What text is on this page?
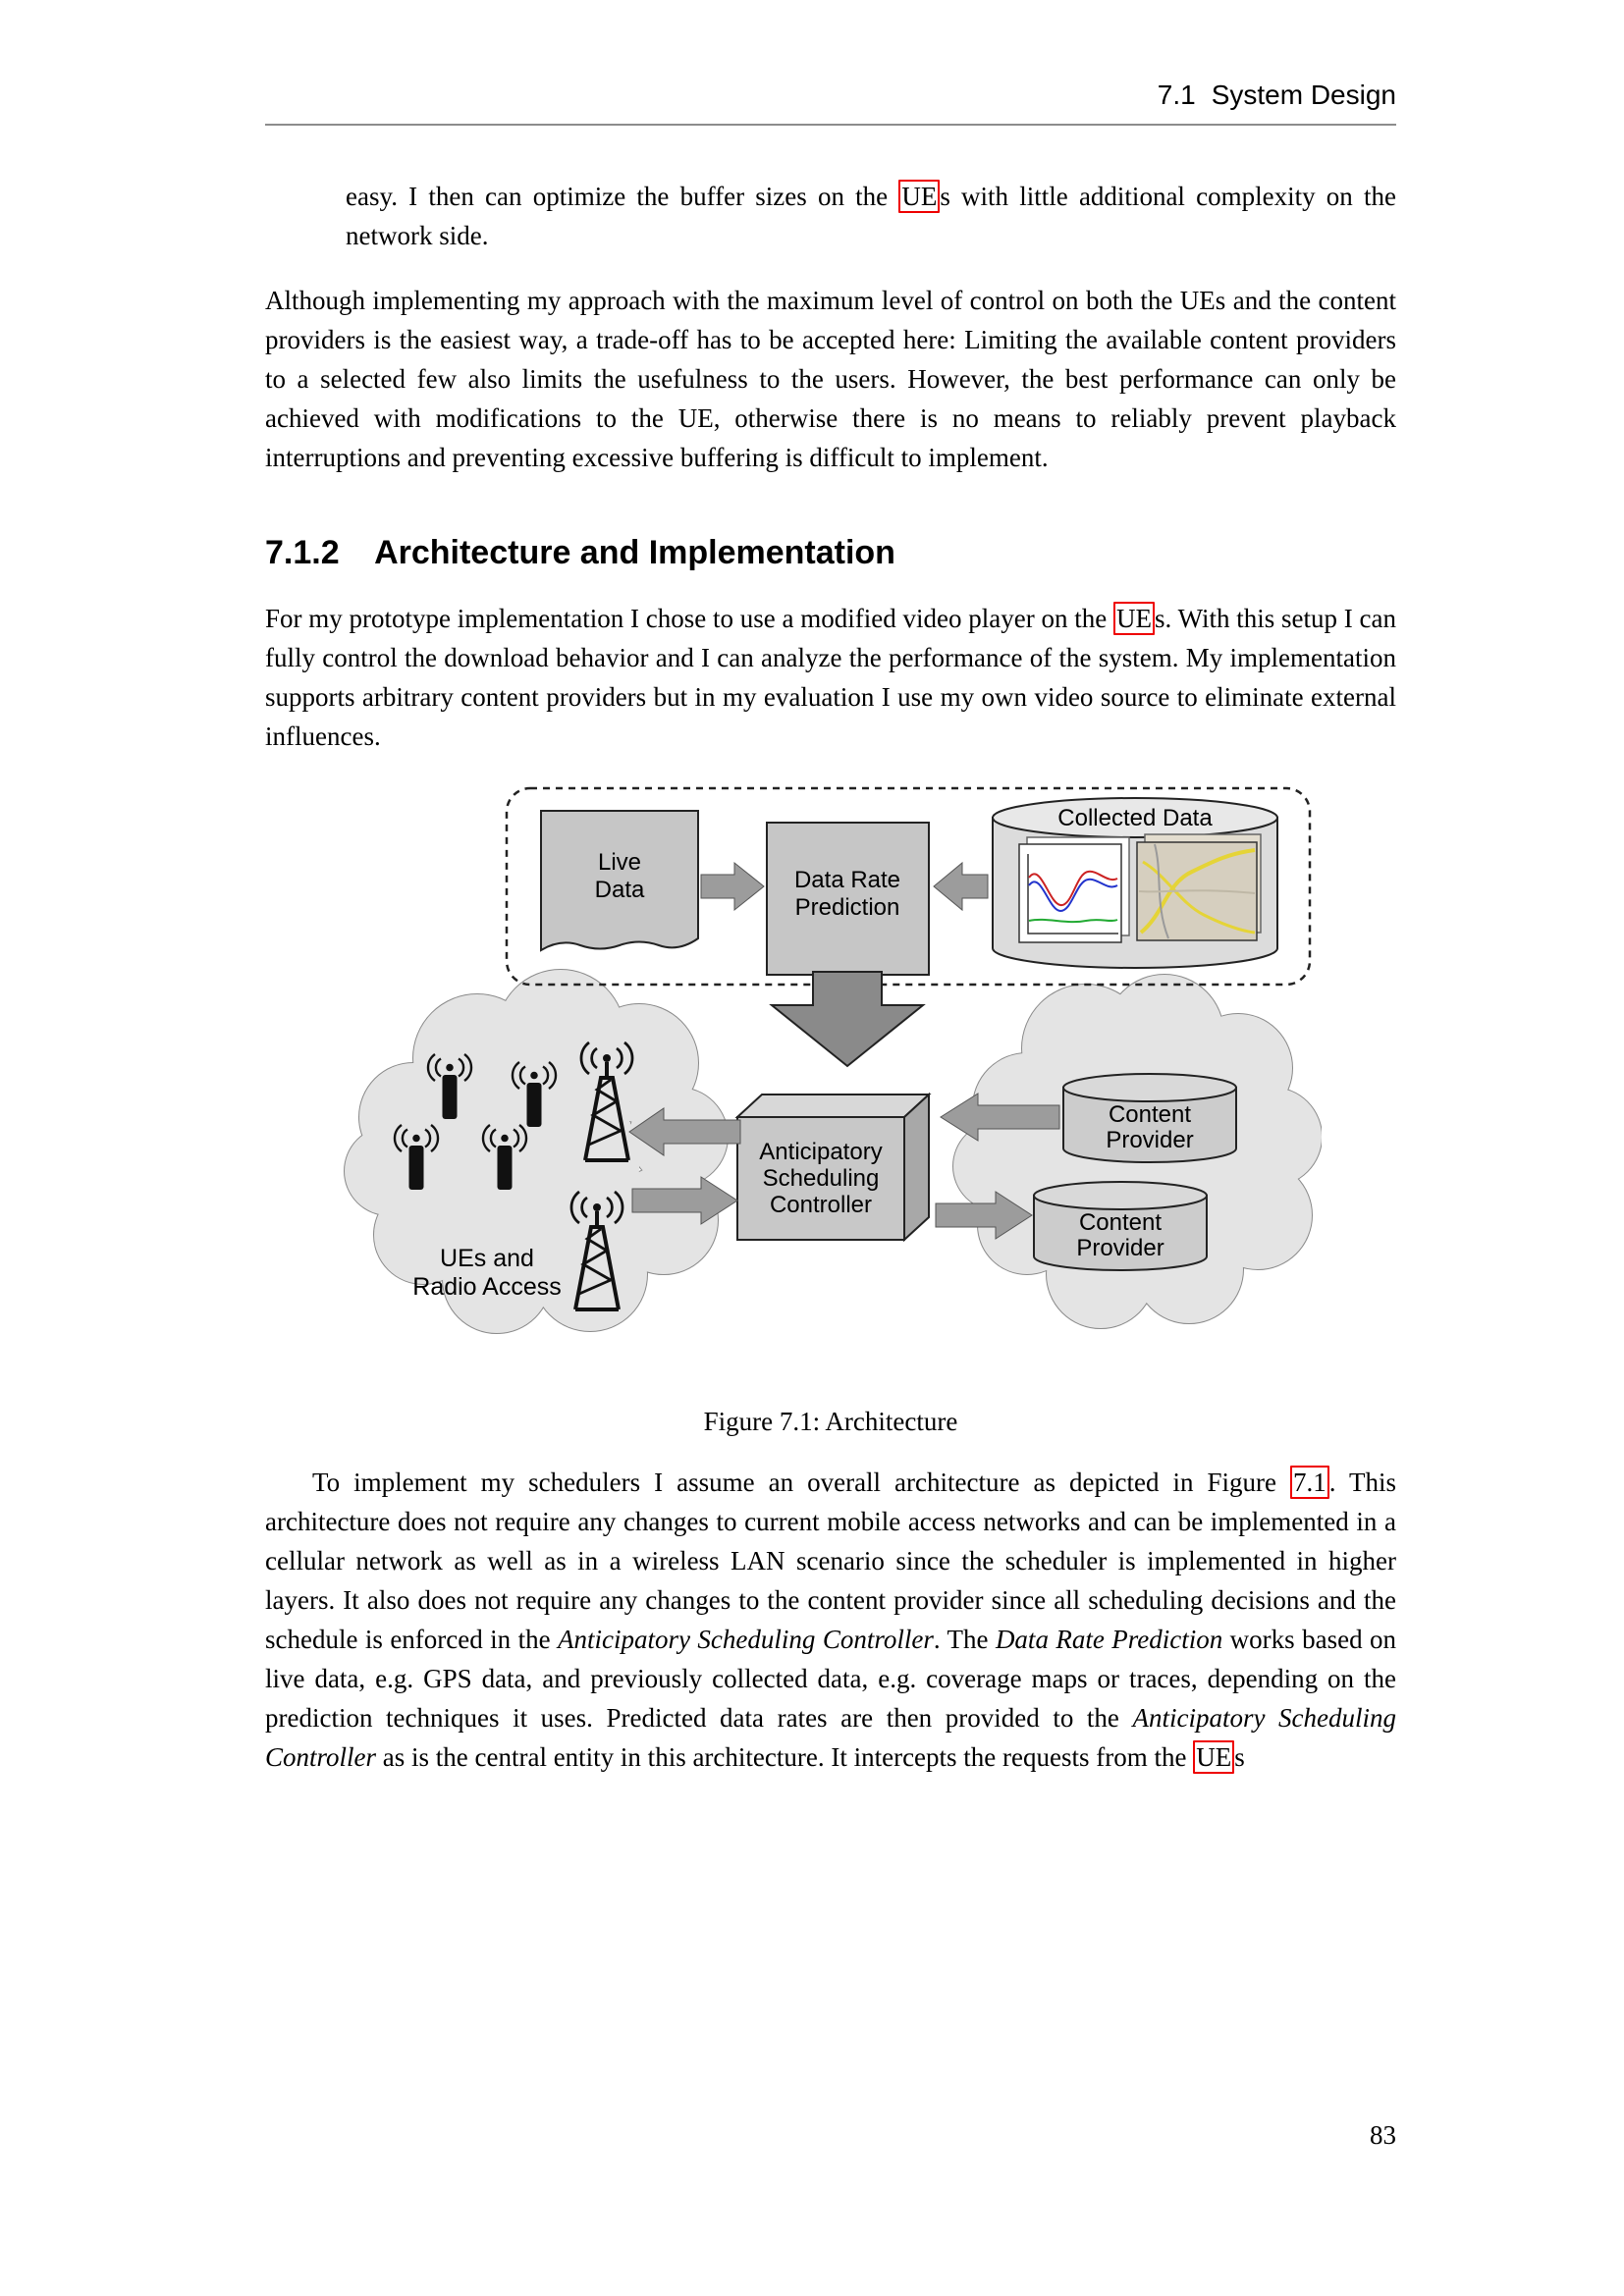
7.1 System Design

easy. I then can optimize the buffer sizes on the UE s with little additional complexity on the network side.

Although implementing my approach with the maximum level of control on both the UEs and the content providers is the easiest way, a trade-off has to be accepted here: Limiting the available content providers to a selected few also limits the usefulness to the users. However, the best performance can only be achieved with modifications to the UE, otherwise there is no means to reliably prevent playback interruptions and preventing excessive buffering is difficult to implement.

7.1.2 Architecture and Implementation

For my prototype implementation I chose to use a modified video player on the UE s. With this setup I can fully control the download behavior and I can analyze the performance of the system. My implementation supports arbitrary content providers but in my evaluation I use my own video source to eliminate external influences.

UEs and
Radio Access
Content
Provider
Content
Provider
Live
Data	Data Rate
Prediction
Collected Data
Anticipatory
Scheduling
Controller
Figure 7.1: Architecture

To implement my schedulers I assume an overall architecture as depicted in Figure 7.1 . This architecture does not require any changes to current mobile access networks and can be implemented in a cellular network as well as in a wireless LAN scenario since the scheduler is implemented in higher layers. It also does not require any changes to the content provider since all scheduling decisions and the schedule is enforced in the Anticipatory Scheduling Controller. The Data Rate Prediction works based on live data, e.g. GPS data, and previously collected data, e.g. coverage maps or traces, depending on the prediction techniques it uses. Predicted data rates are then provided to the Anticipatory Scheduling Controller as is the central entity in this architecture. It intercepts the requests from the UE s

83
